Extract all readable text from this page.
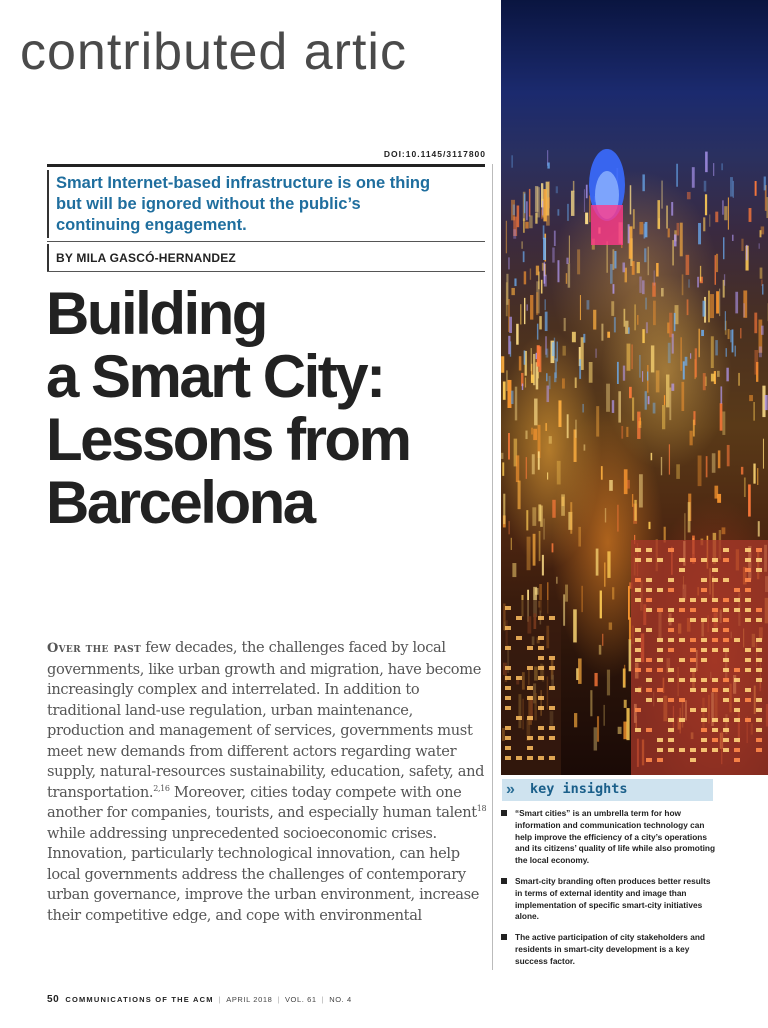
contributed articles
DOI:10.1145/3117800
Smart Internet-based infrastructure is one thing but will be ignored without the public’s continuing engagement.
BY MILA GASCÓ-HERNANDEZ
Building
a Smart City:
Lessons from
Barcelona
Over the past few decades, the challenges faced by local governments, like urban growth and migration, have become increasingly complex and interrelated. In addition to traditional land-use regulation, urban maintenance, production and management of services, governments must meet new demands from different actors regarding water supply, natural-resources sustainability, education, safety, and transportation.$^{2,16}$ Moreover, cities today compete with one another for companies, tourists, and especially human talent$^{18}$ while addressing unprecedented socioeconomic crises. Innovation, particularly technological innovation, can help local governments address the challenges of contemporary urban governance, improve the urban environment, increase their competitive edge, and cope with environmental
»	key insights
“Smart cities” is an umbrella term for how information and communication technology can help improve the efficiency of a city’s operations and its citizens’ quality of life while also promoting the local economy.
Smart-city branding often produces better results in terms of external identity and image than implementation of specific smart-city initiatives alone.
The active participation of city stakeholders and residents in smart-city development is a key success factor.
50 COMMUNICATIONS OF THE ACM | APRIL 2018 | VOL. 61 | NO. 4
